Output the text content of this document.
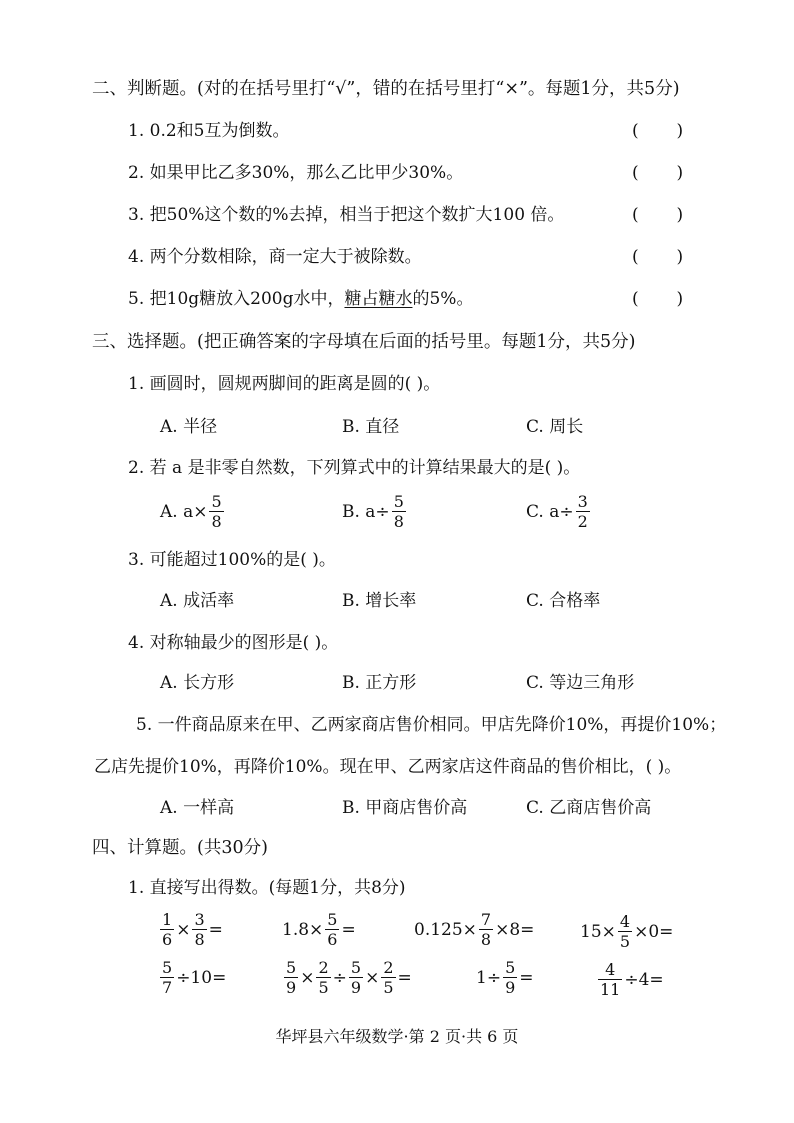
二、判断题。(对的在括号里打“√”，错的在括号里打“×”。每题1分，共5分)
1. 0.2和5互为倒数。	(       )
2. 如果甲比乙多30%，那么乙比甲少30%。	(       )
3. 把50%这个数的%去掉，相当于把这个数扩大100 倍。	(       )
4. 两个分数相除，商一定大于被除数。	(       )
5. 把10g糖放入200g水中，糖占糖水的5%。	(       )
三、选择题。(把正确答案的字母填在后面的括号里。每题1分，共5分)
1. 画圆时，圆规两脚间的距离是圆的( )。
A. 半径	B. 直径	C. 周长
2. 若 a 是非零自然数，下列算式中的计算结果最大的是( )。
A. $a\times \frac{5}{8}$	B. $a\div \frac{5}{8}$	C. $a\div \frac{3}{2}$
3. 可能超过100%的是( )。
A. 成活率	B. 增长率	C. 合格率
4. 对称轴最少的图形是( )。
A. 长方形	B. 正方形	C. 等边三角形
5. 一件商品原来在甲、乙两家商店售价相同。甲店先降价10%，再提价10%；
乙店先提价10%，再降价10%。现在甲、乙两家店这件商品的售价相比，( )。
A. 一样高	B. 甲商店售价高	C. 乙商店售价高
四、计算题。(共30分)
1. 直接写出得数。(每题1分，共8分)
$\frac{1}{6} \times \frac{3}{8}$ =	$1.8\times \frac{5}{6}$ =	$0.125\times \frac{7}{8} \times 8=$	$15\times \frac{4}{5} \times 0=$
$\frac{5}{7} \div 10=$	$\frac{5}{9} \times \frac{2}{5} \div \frac{5}{9} \times \frac{2}{5}$ =	$1\div \frac{5}{9}$ =	$\frac{4}{11} \div 4=$
华坪县六年级数学·第 2 页·共 6 页
